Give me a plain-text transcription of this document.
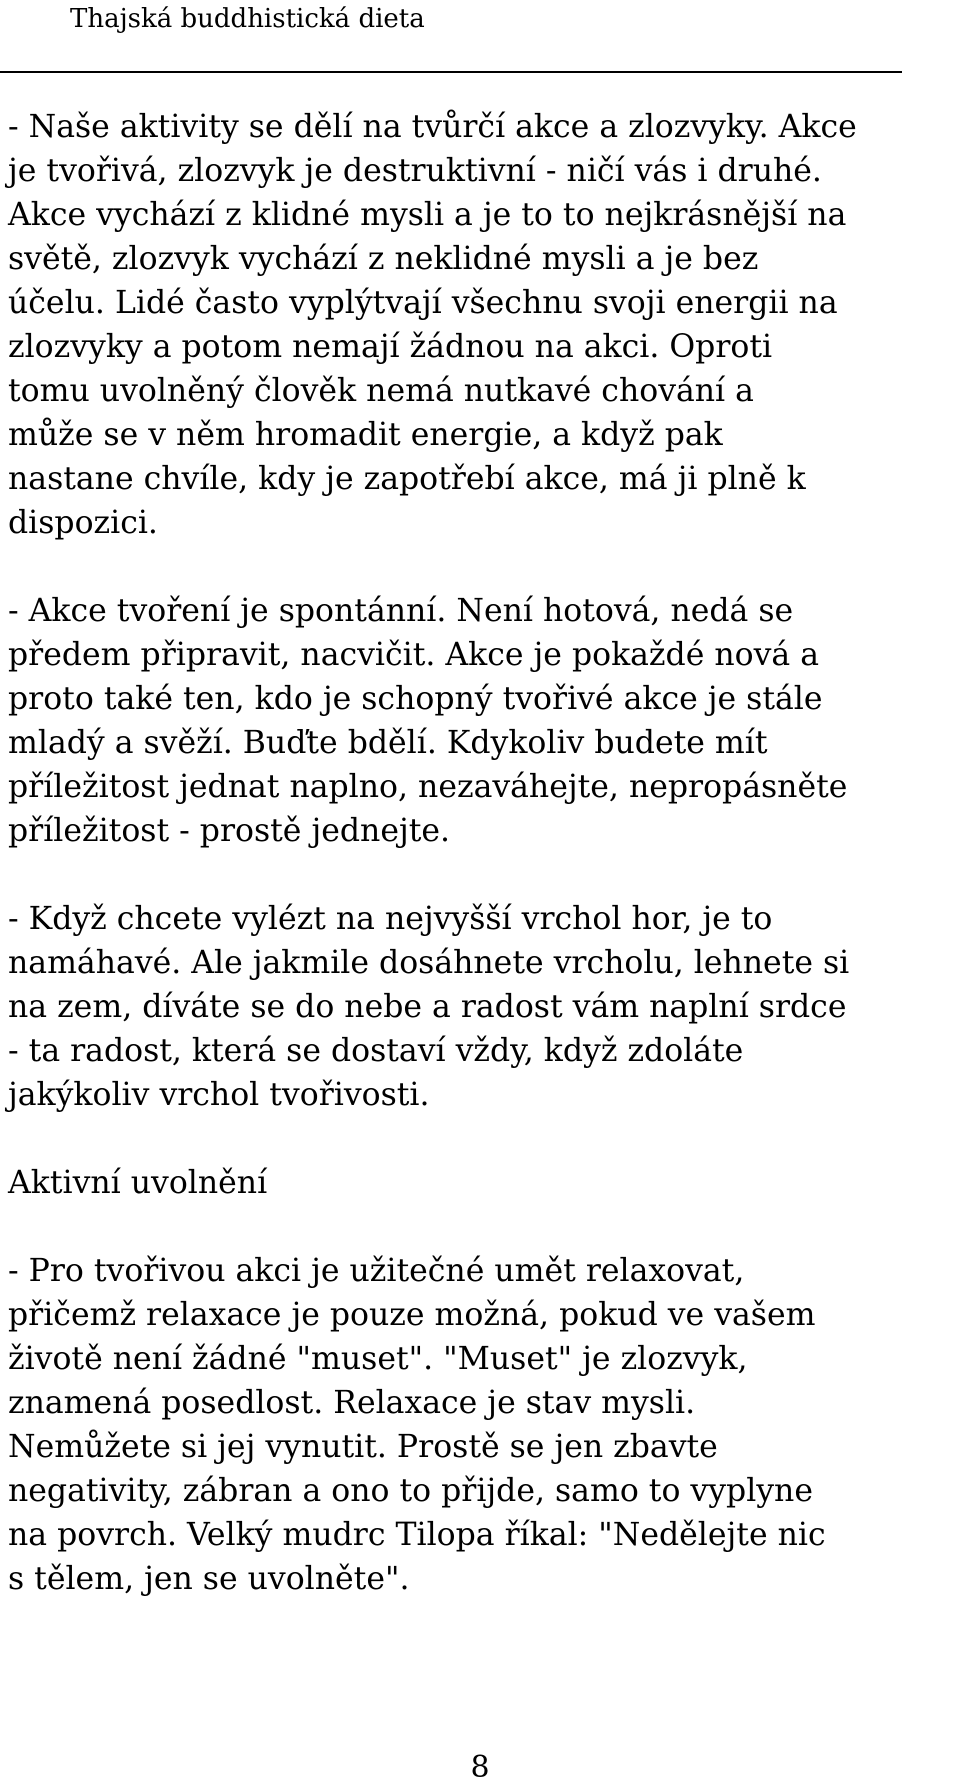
Thajská buddhistická dieta

- Naše aktivity se dělí na tvůrčí akce a zlozvyky. Akce
je tvořivá, zlozvyk je destruktivní - ničí vás i druhé.
Akce vychází z klidné mysli a je to to nejkrásnější na
světě, zlozvyk vychází z neklidné mysli a je bez
účelu. Lidé často vyplýtvají všechnu svoji energii na
zlozvyky a potom nemají žádnou na akci. Oproti
tomu uvolněný člověk nemá nutkavé chování a
může se v něm hromadit energie, a když pak
nastane chvíle, kdy je zapotřebí akce, má ji plně k
dispozici.

- Akce tvoření je spontánní. Není hotová, nedá se
předem připravit, nacvičit. Akce je pokaždé nová a
proto také ten, kdo je schopný tvořivé akce je stále
mladý a svěží. Buďte bdělí. Kdykoliv budete mít
příležitost jednat naplno, nezaváhejte, nepropásněte
příležitost - prostě jednejte.

- Když chcete vylézt na nejvyšší vrchol hor, je to
namáhavé. Ale jakmile dosáhnete vrcholu, lehnete si
na zem, díváte se do nebe a radost vám naplní srdce
- ta radost, která se dostaví vždy, když zdoláte
jakýkoliv vrchol tvořivosti.

Aktivní uvolnění

- Pro tvořivou akci je užitečné umět relaxovat,
přičemž relaxace je pouze možná, pokud ve vašem
životě není žádné "muset". "Muset" je zlozvyk,
znamená posedlost. Relaxace je stav mysli.
Nemůžete si jej vynutit. Prostě se jen zbavte
negativity, zábran a ono to přijde, samo to vyplyne
na povrch. Velký mudrc Tilopa říkal: "Nedělejte nic
s tělem, jen se uvolněte".

8
